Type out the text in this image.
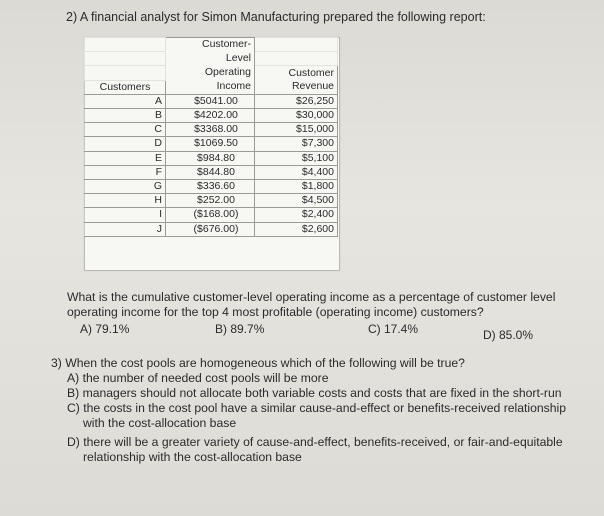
2) A financial analyst for Simon Manufacturing prepared the following report:
	Customer-	
	Level	
	Operating	Customer
Customers	Income	Revenue
A	$5041.00	$26,250
B	$4202.00	$30,000
C	$3368.00	$15,000
D	$1069.50	$7,300
E	$984.80	$5,100
F	$844.80	$4,400
G	$336.60	$1,800
H	$252.00	$4,500
I	($168.00)	$2,400
J	($676.00)	$2,600
What is the cumulative customer-level operating income as a percentage of customer level
operating income for the top 4 most profitable (operating income) customers?
A) 79.1%	B) 89.7%	C) 17.4%	D) 85.0%
3) When the cost pools are homogeneous which of the following will be true?
A) the number of needed cost pools will be more
B) managers should not allocate both variable costs and costs that are fixed in the short-run
C) the costs in the cost pool have a similar cause-and-effect or benefits-received relationship
with the cost-allocation base
D) there will be a greater variety of cause-and-effect, benefits-received, or fair-and-equitable
relationship with the cost-allocation base
